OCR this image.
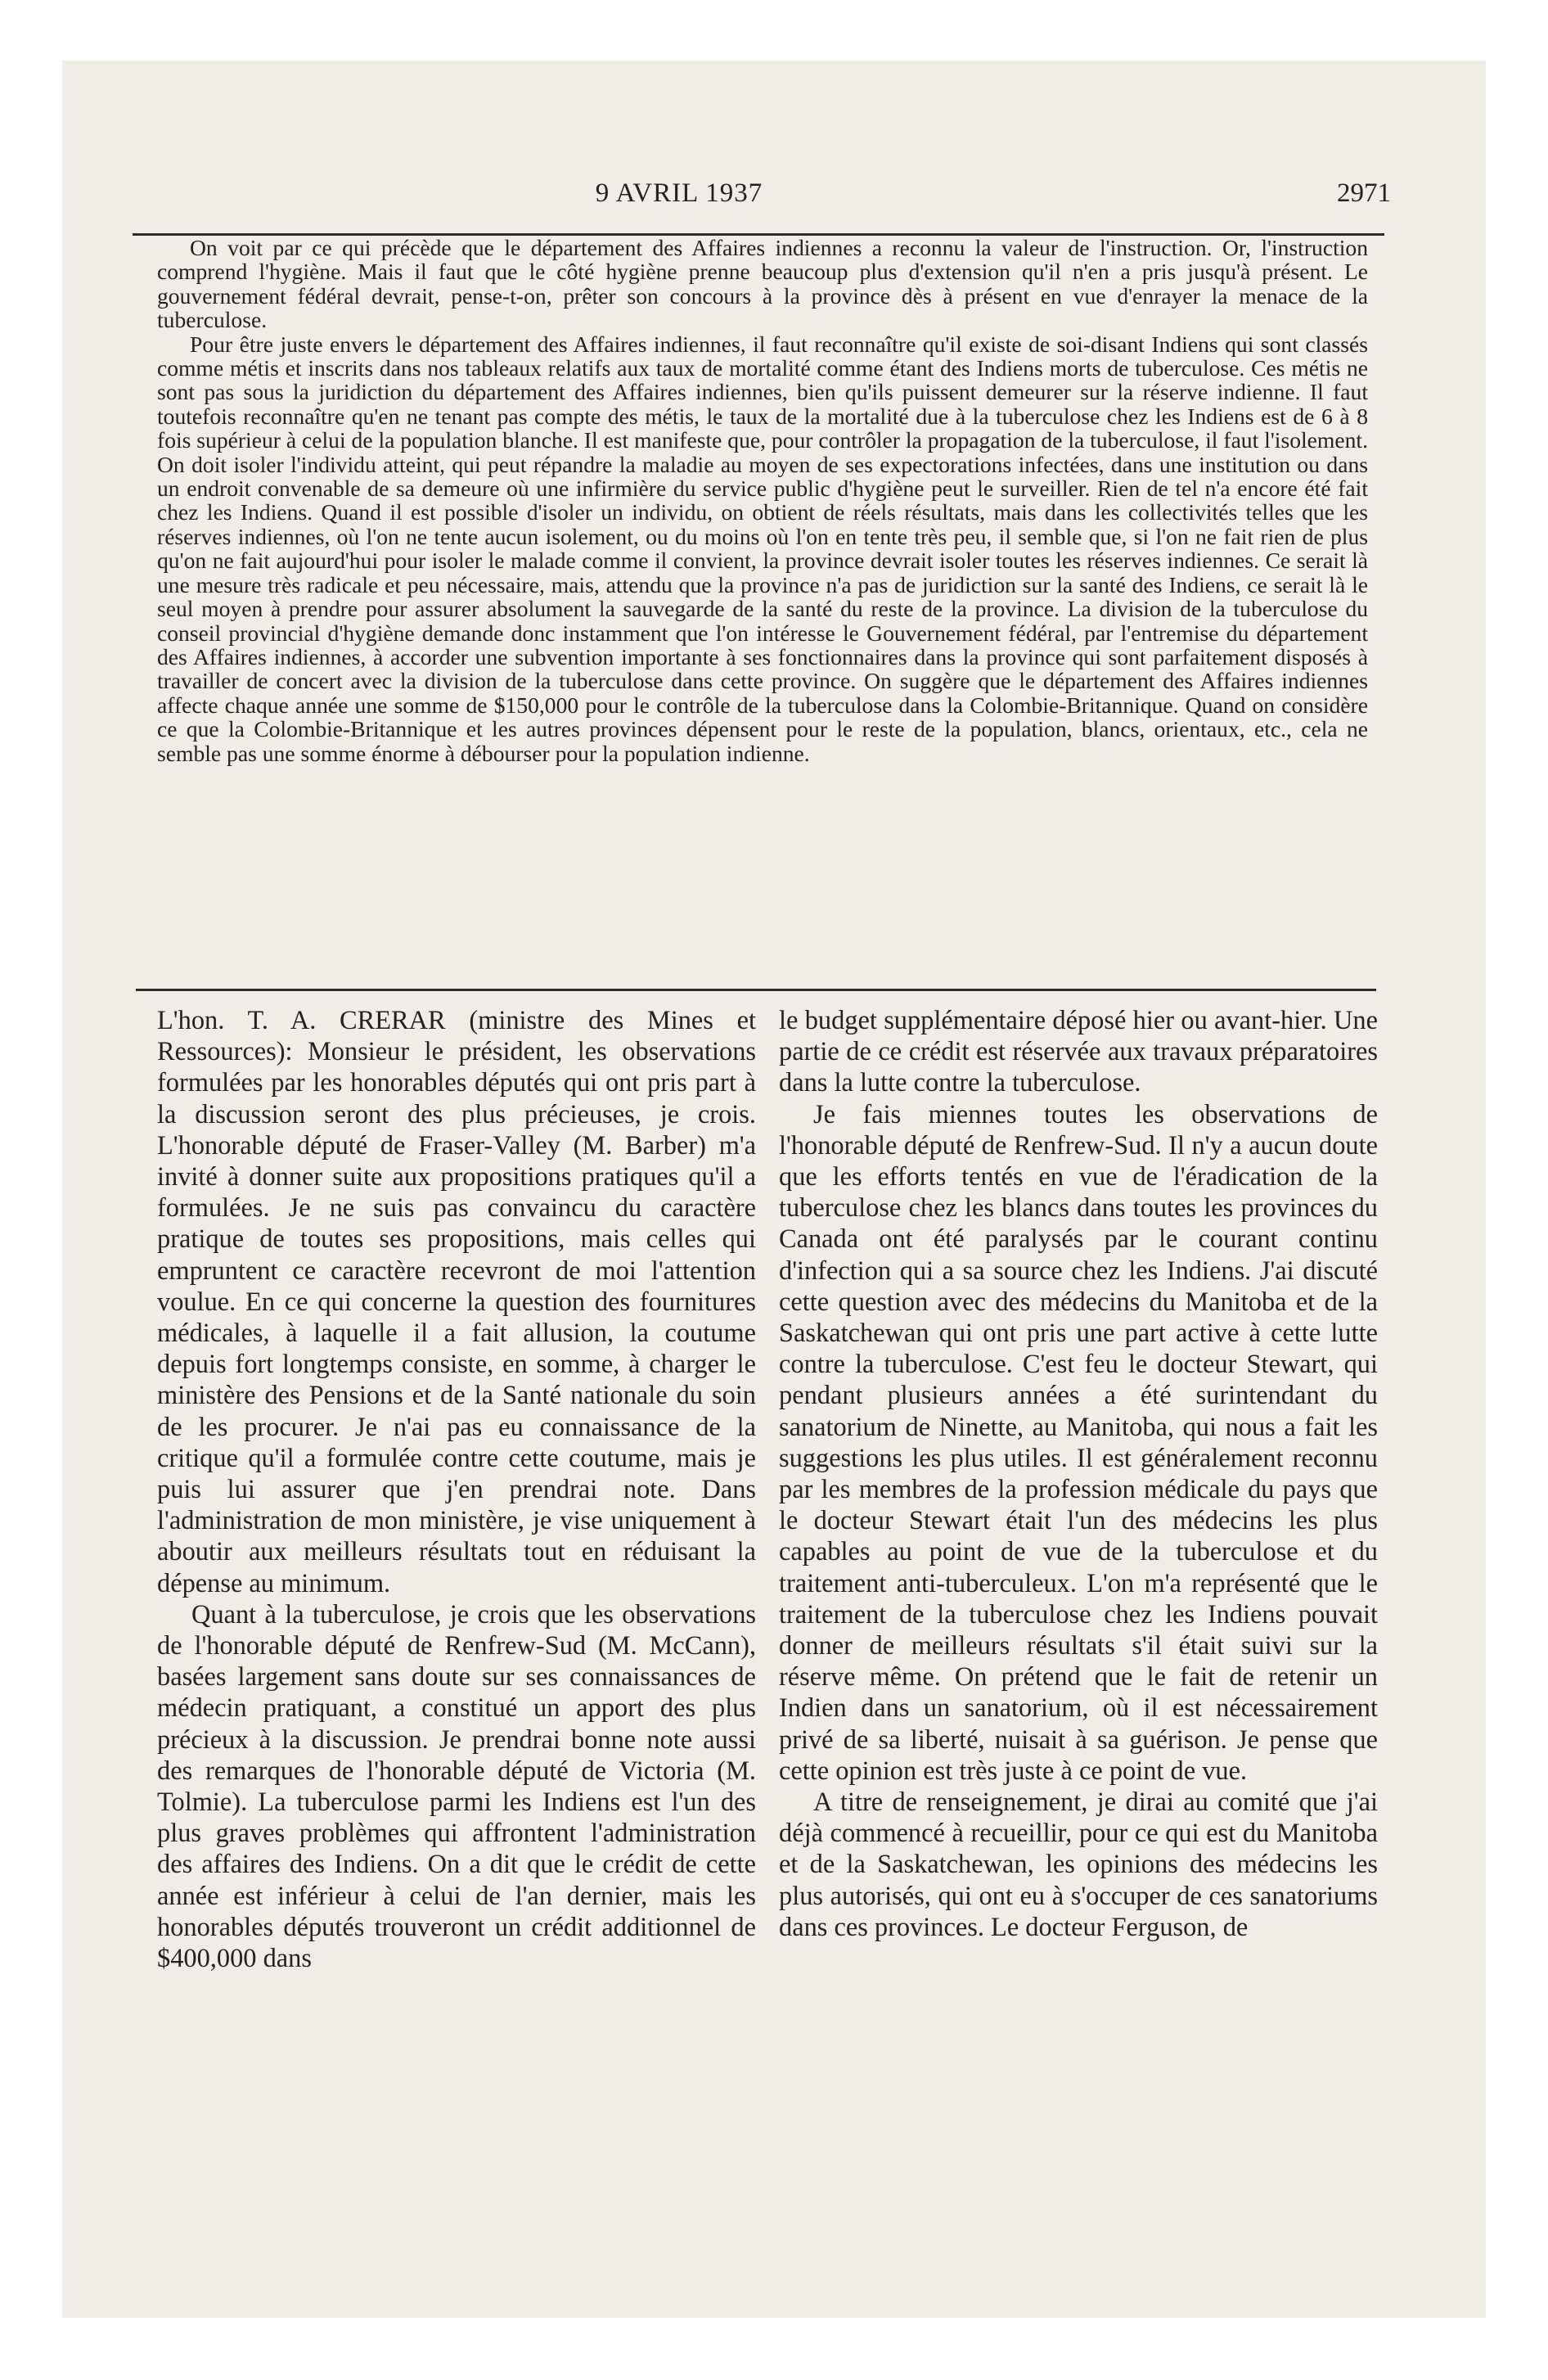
9 AVRIL 1937	2971

On voit par ce qui précède que le département des Affaires indiennes a reconnu la valeur de l'instruction. Or, l'instruction comprend l'hygiène. Mais il faut que le côté hygiène prenne beaucoup plus d'extension qu'il n'en a pris jusqu'à présent. Le gouvernement fédéral devrait, pense-t-on, prêter son concours à la province dès à présent en vue d'enrayer la menace de la tuberculose.

Pour être juste envers le département des Affaires indiennes, il faut reconnaître qu'il existe de soi-disant Indiens qui sont classés comme métis et inscrits dans nos tableaux relatifs aux taux de mortalité comme étant des Indiens morts de tuberculose. Ces métis ne sont pas sous la juridiction du département des Affaires indiennes, bien qu'ils puissent demeurer sur la réserve indienne. Il faut toutefois reconnaître qu'en ne tenant pas compte des métis, le taux de la mortalité due à la tuberculose chez les Indiens est de 6 à 8 fois supérieur à celui de la population blanche. Il est manifeste que, pour contrôler la propagation de la tuberculose, il faut l'isolement. On doit isoler l'individu atteint, qui peut répandre la maladie au moyen de ses expectorations infectées, dans une institution ou dans un endroit convenable de sa demeure où une infirmière du service public d'hygiène peut le surveiller. Rien de tel n'a encore été fait chez les Indiens. Quand il est possible d'isoler un individu, on obtient de réels résultats, mais dans les collectivités telles que les réserves indiennes, où l'on ne tente aucun isolement, ou du moins où l'on en tente très peu, il semble que, si l'on ne fait rien de plus qu'on ne fait aujourd'hui pour isoler le malade comme il convient, la province devrait isoler toutes les réserves indiennes. Ce serait là une mesure très radicale et peu nécessaire, mais, attendu que la province n'a pas de juridiction sur la santé des Indiens, ce serait là le seul moyen à prendre pour assurer absolument la sauvegarde de la santé du reste de la province. La division de la tuberculose du conseil provincial d'hygiène demande donc instamment que l'on intéresse le Gouvernement fédéral, par l'entremise du département des Affaires indiennes, à accorder une subvention importante à ses fonctionnaires dans la province qui sont parfaitement disposés à travailler de concert avec la division de la tuberculose dans cette province. On suggère que le département des Affaires indiennes affecte chaque année une somme de $150,000 pour le contrôle de la tuberculose dans la Colombie-Britannique. Quand on considère ce que la Colombie-Britannique et les autres provinces dépensent pour le reste de la population, blancs, orientaux, etc., cela ne semble pas une somme énorme à débourser pour la population indienne.

L'hon. T. A. CRERAR (ministre des Mines et Ressources): Monsieur le président, les observations formulées par les honorables députés qui ont pris part à la discussion seront des plus précieuses, je crois. L'honorable député de Fraser-Valley (M. Barber) m'a invité à donner suite aux propositions pratiques qu'il a formulées. Je ne suis pas convaincu du caractère pratique de toutes ses propositions, mais celles qui empruntent ce caractère recevront de moi l'attention voulue. En ce qui concerne la question des fournitures médicales, à laquelle il a fait allusion, la coutume depuis fort longtemps consiste, en somme, à charger le ministère des Pensions et de la Santé nationale du soin de les procurer. Je n'ai pas eu connaissance de la critique qu'il a formulée contre cette coutume, mais je puis lui assurer que j'en prendrai note. Dans l'administration de mon ministère, je vise uniquement à aboutir aux meilleurs résultats tout en réduisant la dépense au minimum.

Quant à la tuberculose, je crois que les observations de l'honorable député de Renfrew-Sud (M. McCann), basées largement sans doute sur ses connaissances de médecin pratiquant, a constitué un apport des plus précieux à la discussion. Je prendrai bonne note aussi des remarques de l'honorable député de Victoria (M. Tolmie). La tuberculose parmi les Indiens est l'un des plus graves problèmes qui affrontent l'administration des affaires des Indiens. On a dit que le crédit de cette année est inférieur à celui de l'an dernier, mais les honorables députés trouveront un crédit additionnel de $400,000 dans

le budget supplémentaire déposé hier ou avant-hier. Une partie de ce crédit est réservée aux travaux préparatoires dans la lutte contre la tuberculose.

Je fais miennes toutes les observations de l'honorable député de Renfrew-Sud. Il n'y a aucun doute que les efforts tentés en vue de l'éradication de la tuberculose chez les blancs dans toutes les provinces du Canada ont été paralysés par le courant continu d'infection qui a sa source chez les Indiens. J'ai discuté cette question avec des médecins du Manitoba et de la Saskatchewan qui ont pris une part active à cette lutte contre la tuberculose. C'est feu le docteur Stewart, qui pendant plusieurs années a été surintendant du sanatorium de Ninette, au Manitoba, qui nous a fait les suggestions les plus utiles. Il est généralement reconnu par les membres de la profession médicale du pays que le docteur Stewart était l'un des médecins les plus capables au point de vue de la tuberculose et du traitement anti-tuberculeux. L'on m'a représenté que le traitement de la tuberculose chez les Indiens pouvait donner de meilleurs résultats s'il était suivi sur la réserve même. On prétend que le fait de retenir un Indien dans un sanatorium, où il est nécessairement privé de sa liberté, nuisait à sa guérison. Je pense que cette opinion est très juste à ce point de vue.

A titre de renseignement, je dirai au comité que j'ai déjà commencé à recueillir, pour ce qui est du Manitoba et de la Saskatchewan, les opinions des médecins les plus autorisés, qui ont eu à s'occuper de ces sanatoriums dans ces provinces. Le docteur Ferguson, de
